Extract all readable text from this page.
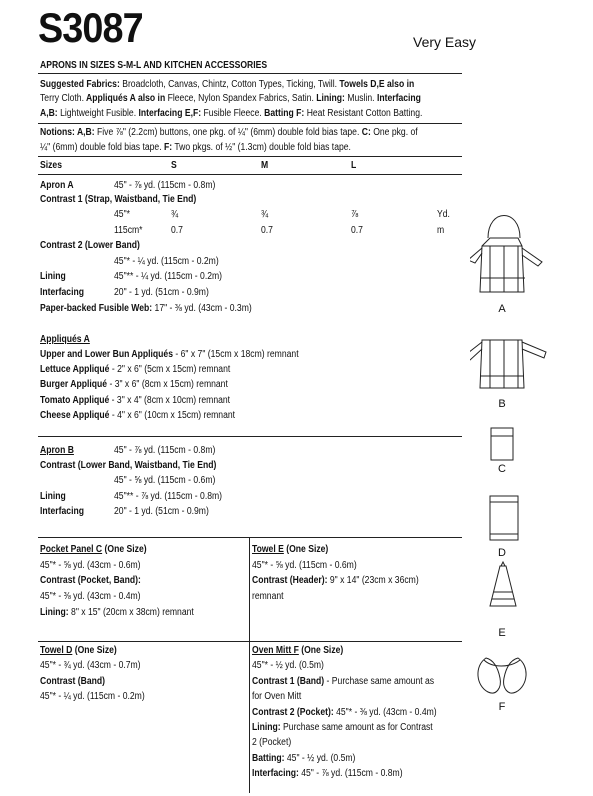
S3087	Very Easy
APRONS IN SIZES S-M-L AND KITCHEN ACCESSORIES
Suggested Fabrics: Broadcloth, Canvas, Chintz, Cotton Types, Ticking, Twill. Towels D,E also in
Terry Cloth. Appliqués A also in Fleece, Nylon Spandex Fabrics, Satin. Lining: Muslin. Interfacing
A,B: Lightweight Fusible. Interfacing E,F: Fusible Fleece. Batting F: Heat Resistant Cotton Batting.
Notions: A,B: Five ⅞" (2.2cm) buttons, one pkg. of ¼" (6mm) double fold bias tape. C: One pkg. of
¼" (6mm) double fold bias tape. F: Two pkgs. of ½" (1.3cm) double fold bias tape.
Sizes	S	M	L
Apron A	45" - ⅞ yd. (115cm - 0.8m)
Contrast 1 (Strap, Waistband, Tie End)
45"*	¾	¾	⅞	Yd.
115cm*	0.7	0.7	0.7	m
Contrast 2 (Lower Band)
45"* - ¼ yd. (115cm - 0.2m)
Lining	45"** - ¼ yd. (115cm - 0.2m)
Interfacing	20" - 1 yd. (51cm - 0.9m)
Paper-backed Fusible Web: 17" - ⅜ yd. (43cm - 0.3m)
Appliqués A
Upper and Lower Bun Appliqués - 6" x 7" (15cm x 18cm) remnant
Lettuce Appliqué - 2" x 6" (5cm x 15cm) remnant
Burger Appliqué - 3" x 6" (8cm x 15cm) remnant
Tomato Appliqué - 3" x 4" (8cm x 10cm) remnant
Cheese Appliqué - 4" x 6" (10cm x 15cm) remnant
Apron B	45" - ⅞ yd. (115cm - 0.8m)
Contrast (Lower Band, Waistband, Tie End)
45" - ⅝ yd. (115cm - 0.6m)
Lining	45"** - ⅞ yd. (115cm - 0.8m)
Interfacing	20" - 1 yd. (51cm - 0.9m)
Pocket Panel C (One Size)
45"* - ⅝ yd. (43cm - 0.6m)
Contrast (Pocket, Band):
45"* - ⅜ yd. (43cm - 0.4m)
Lining: 8" x 15" (20cm x 38cm) remnant
Towel E (One Size)
45"* - ⅝ yd. (115cm - 0.6m)
Contrast (Header): 9" x 14" (23cm x 36cm)
remnant
Towel D (One Size)
45"* - ¾ yd. (43cm - 0.7m)
Contrast (Band)
45"* - ¼ yd. (115cm - 0.2m)
Oven Mitt F (One Size)
45"* - ½ yd. (0.5m)
Contrast 1 (Band) - Purchase same amount as
for Oven Mitt
Contrast 2 (Pocket): 45"* - ⅜ yd. (43cm - 0.4m)
Lining: Purchase same amount as for Contrast
2 (Pocket)
Batting: 45" - ½ yd. (0.5m)
Interfacing: 45" - ⅞ yd. (115cm - 0.8m)
A
B
C
D
E
F
